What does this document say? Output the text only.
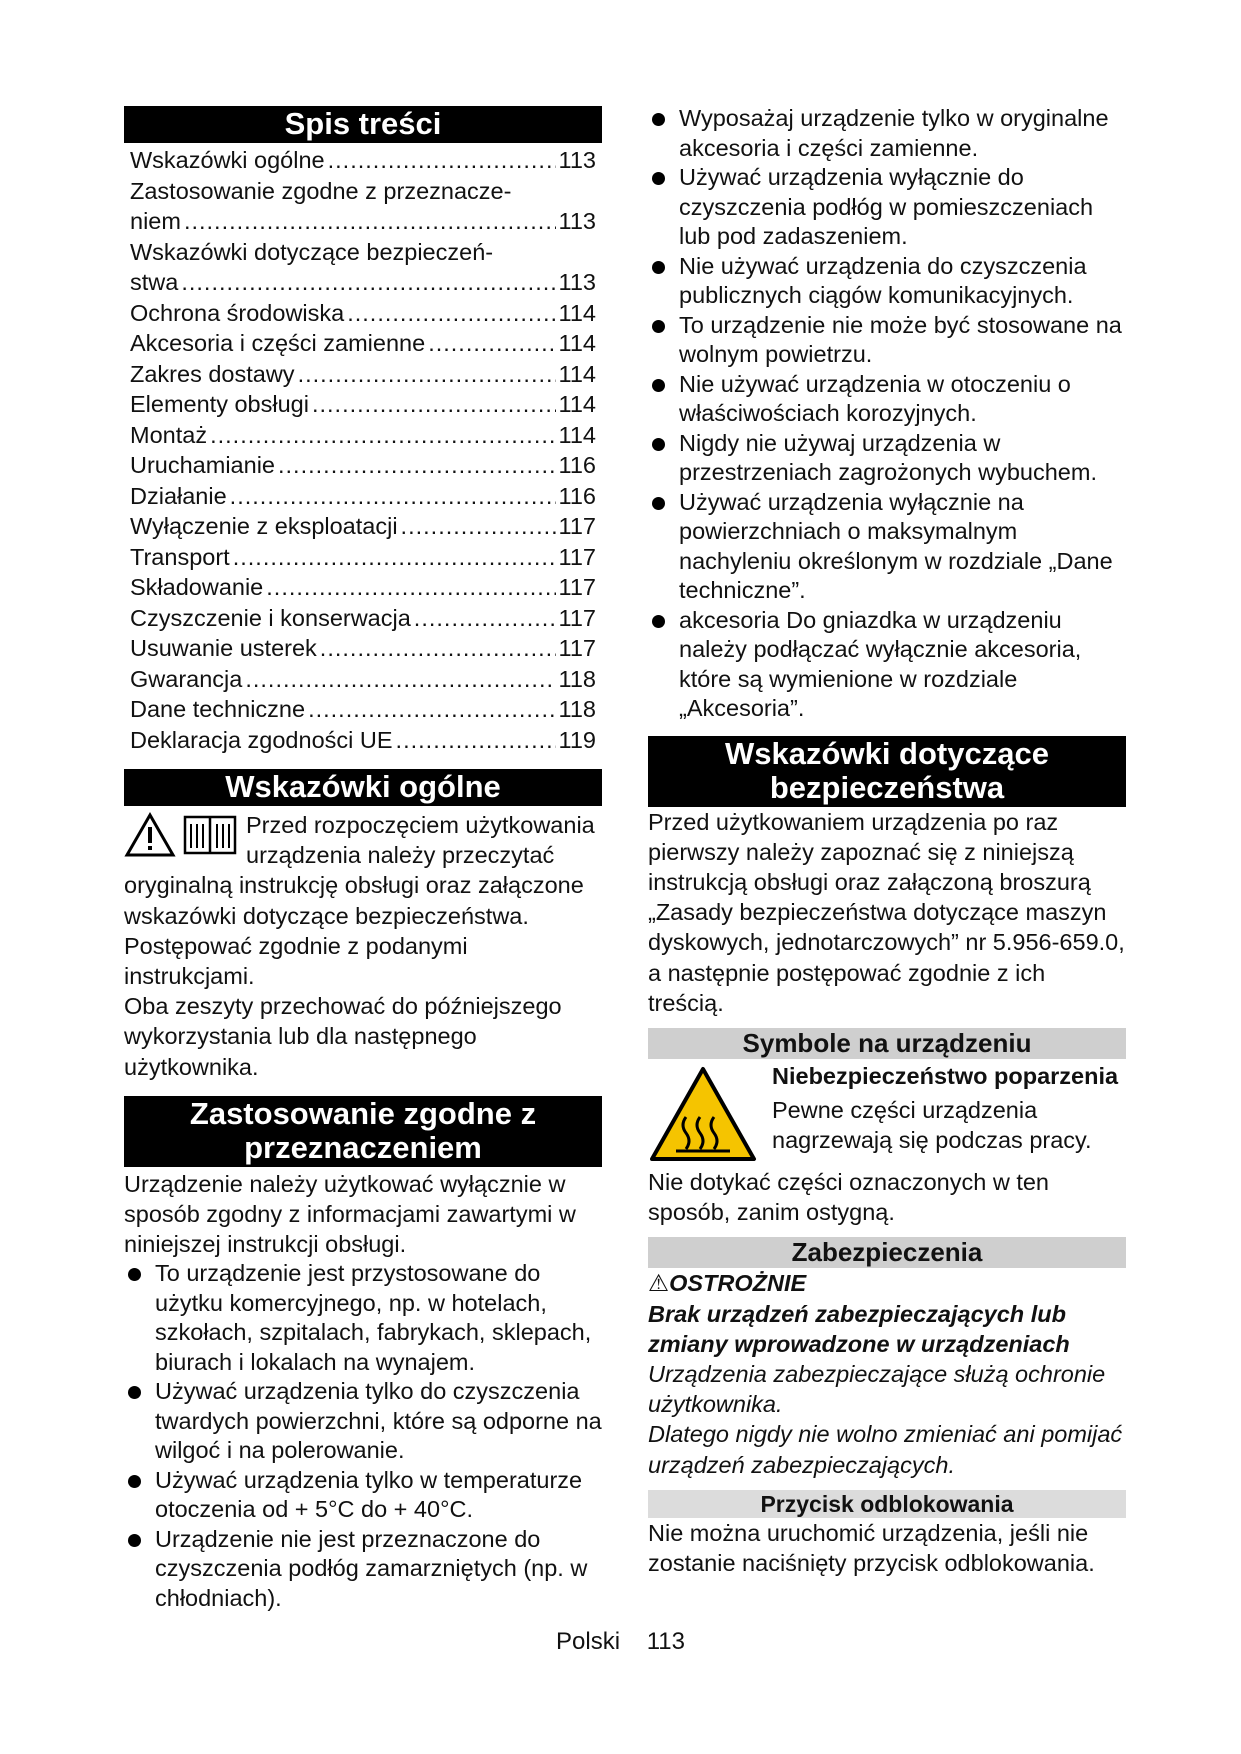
Spis treści
Wskazówki ogólne .....	113
Zastosowanie zgodne z przeznacze-
niem .....	113
Wskazówki dotyczące bezpieczeń-
stwa .....	113
Ochrona środowiska .....	114
Akcesoria i części zamienne .....	114
Zakres dostawy .....	114
Elementy obsługi .....	114
Montaż .....	114
Uruchamianie .....	116
Działanie .....	116
Wyłączenie z eksploatacji .....	117
Transport .....	117
Składowanie .....	117
Czyszczenie i konserwacja .....	117
Usuwanie usterek .....	117
Gwarancja .....	118
Dane techniczne .....	118
Deklaracja zgodności UE .....	119
Wskazówki ogólne
Przed rozpoczęciem użytkowania urządzenia należy przeczytać oryginalną instrukcję obsługi oraz załączone wskazówki dotyczące bezpieczeństwa. Postępować zgodnie z podanymi instrukcjami.
Oba zeszyty przechować do późniejszego wykorzystania lub dla następnego użytkownika.
Zastosowanie zgodne z przeznaczeniem
Urządzenie należy użytkować wyłącznie w sposób zgodny z informacjami zawartymi w niniejszej instrukcji obsługi.
To urządzenie jest przystosowane do użytku komercyjnego, np. w hotelach, szkołach, szpitalach, fabrykach, sklepach, biurach i lokalach na wynajem.
Używać urządzenia tylko do czyszczenia twardych powierzchni, które są odporne na wilgoć i na polerowanie.
Używać urządzenia tylko w temperaturze otoczenia od + 5°C do + 40°C.
Urządzenie nie jest przeznaczone do czyszczenia podłóg zamarzniętych (np. w chłodniach).
Wyposażaj urządzenie tylko w oryginalne akcesoria i części zamienne.
Używać urządzenia wyłącznie do czyszczenia podłóg w pomieszczeniach lub pod zadaszeniem.
Nie używać urządzenia do czyszczenia publicznych ciągów komunikacyjnych.
To urządzenie nie może być stosowane na wolnym powietrzu.
Nie używać urządzenia w otoczeniu o właściwościach korozyjnych.
Nigdy nie używaj urządzenia w przestrzeniach zagrożonych wybuchem.
Używać urządzenia wyłącznie na powierzchniach o maksymalnym nachyleniu określonym w rozdziale „Dane techniczne”.
akcesoria Do gniazdka w urządzeniu należy podłączać wyłącznie akcesoria, które są wymienione w rozdziale „Akcesoria”.
Wskazówki dotyczące bezpieczeństwa
Przed użytkowaniem urządzenia po raz pierwszy należy zapoznać się z niniejszą instrukcją obsługi oraz załączoną broszurą „Zasady bezpieczeństwa dotyczące maszyn dyskowych, jednotarczowych” nr 5.956-659.0, a następnie postępować zgodnie z ich treścią.
Symbole na urządzeniu
Niebezpieczeństwo poparzenia
Pewne części urządzenia nagrzewają się podczas pracy.
Nie dotykać części oznaczonych w ten sposób, zanim ostygną.
Zabezpieczenia
⚠OSTROŻNIE
Brak urządzeń zabezpieczających lub zmiany wprowadzone w urządzeniach
Urządzenia zabezpieczające służą ochronie użytkownika.
Dlatego nigdy nie wolno zmieniać ani pomijać urządzeń zabezpieczających.
Przycisk odblokowania
Nie można uruchomić urządzenia, jeśli nie zostanie naciśnięty przycisk odblokowania.
Polski 113
